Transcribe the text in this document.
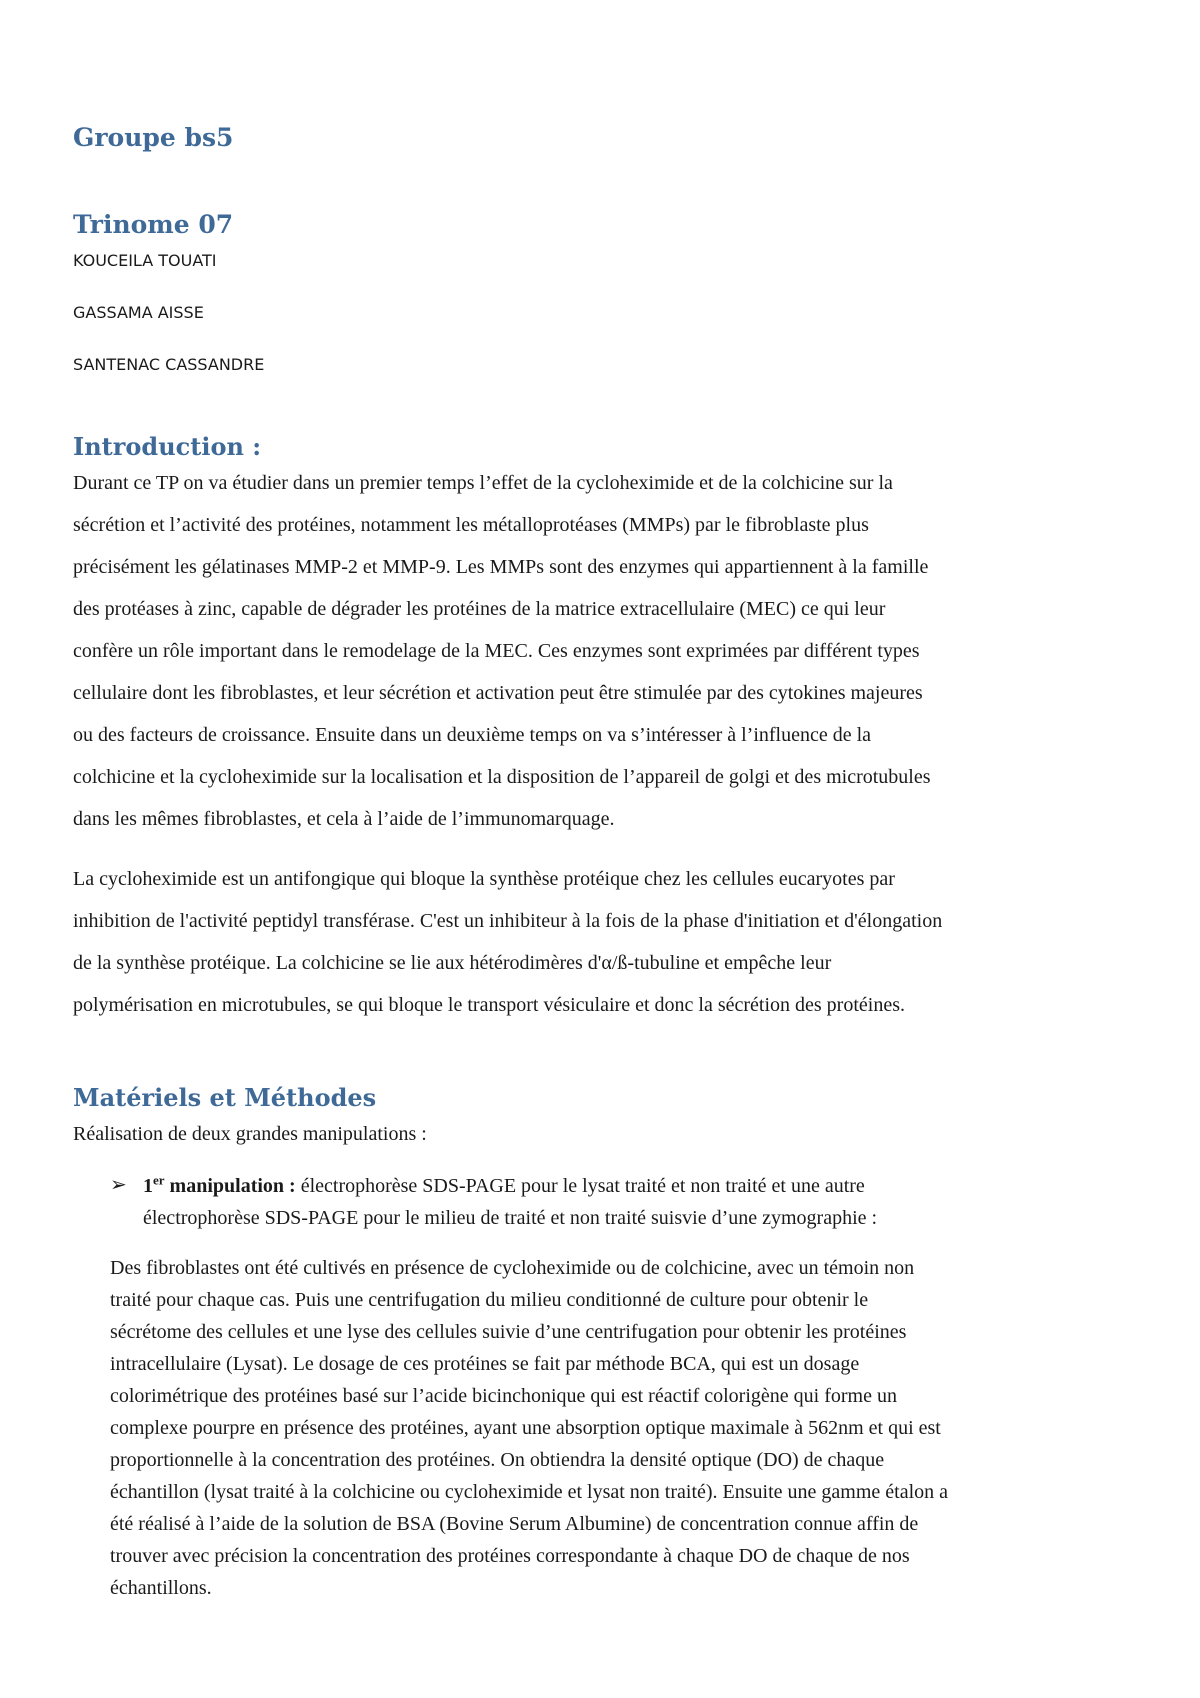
Groupe bs5
Trinome 07

KOUCEILA TOUATI

GASSAMA AISSE

SANTENAC CASSANDRE

Introduction :
Durant ce TP on va étudier dans un premier temps l’effet de la cycloheximide et de la colchicine sur la
sécrétion et l’activité des protéines, notamment les métalloprotéases (MMPs) par le fibroblaste plus
précisément les gélatinases MMP-2 et MMP-9. Les MMPs sont des enzymes qui appartiennent à la famille
des protéases à zinc, capable de dégrader les protéines de la matrice extracellulaire (MEC) ce qui leur
confère un rôle important dans le remodelage de la MEC. Ces enzymes sont exprimées par différent types
cellulaire dont les fibroblastes, et leur sécrétion et activation peut être stimulée par des cytokines majeures
ou des facteurs de croissance. Ensuite dans un deuxième temps on va s’intéresser à l’influence de la
colchicine et la cycloheximide sur la localisation et la disposition de l’appareil de golgi et des microtubules
dans les mêmes fibroblastes, et cela à l’aide de l’immunomarquage.
La cycloheximide est un antifongique qui bloque la synthèse protéique chez les cellules eucaryotes par
inhibition de l'activité peptidyl transférase. C'est un inhibiteur à la fois de la phase d'initiation et d'élongation
de la synthèse protéique. La colchicine se lie aux hétérodimères d'α/ß-tubuline et empêche leur
polymérisation en microtubules, se qui bloque le transport vésiculaire et donc la sécrétion des protéines.
Matériels et Méthodes
Réalisation de deux grandes manipulations :
➢ 1er manipulation : électrophorèse SDS-PAGE pour le lysat traité et non traité et une autre
électrophorèse SDS-PAGE pour le milieu de traité et non traité suisvie d’une zymographie :
Des fibroblastes ont été cultivés en présence de cycloheximide ou de colchicine, avec un témoin non
traité pour chaque cas. Puis une centrifugation du milieu conditionné de culture pour obtenir le
sécrétome des cellules et une lyse des cellules suivie d’une centrifugation pour obtenir les protéines
intracellulaire (Lysat). Le dosage de ces protéines se fait par méthode BCA, qui est un dosage
colorimétrique des protéines basé sur l’acide bicinchonique qui est réactif colorigène qui forme un
complexe pourpre en présence des protéines, ayant une absorption optique maximale à 562nm et qui est
proportionnelle à la concentration des protéines. On obtiendra la densité optique (DO) de chaque
échantillon (lysat traité à la colchicine ou cycloheximide et lysat non traité). Ensuite une gamme étalon a
été réalisé à l’aide de la solution de BSA (Bovine Serum Albumine) de concentration connue affin de
trouver avec précision la concentration des protéines correspondante à chaque DO de chaque de nos
échantillons.
